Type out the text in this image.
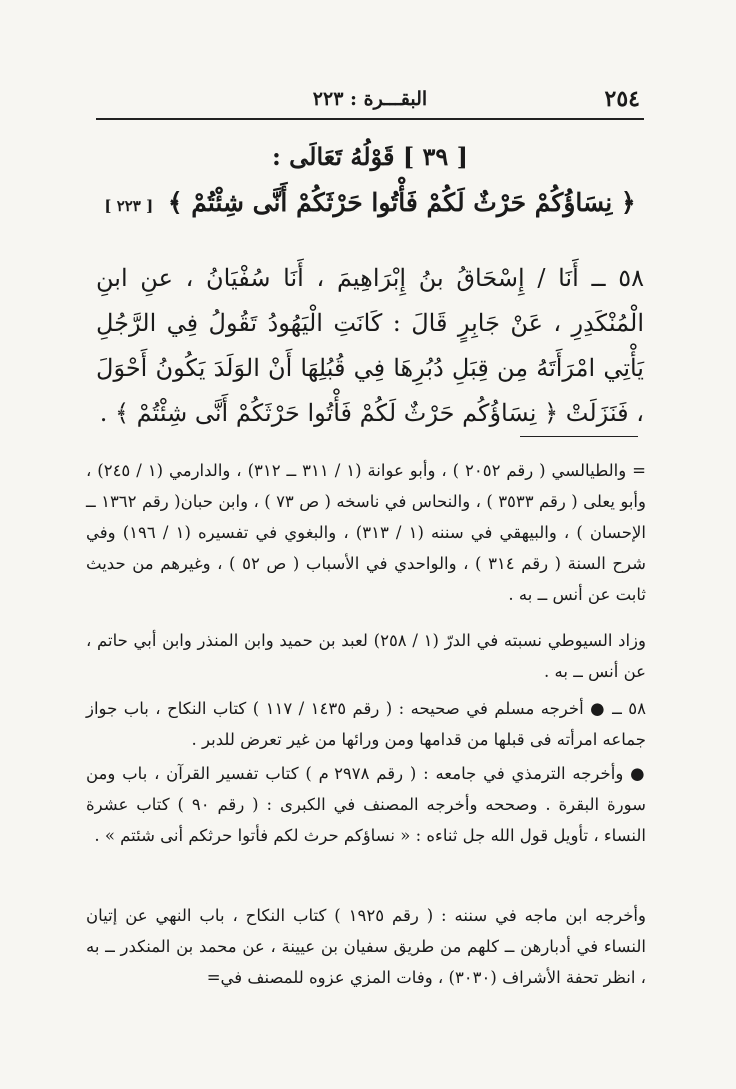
٢٥٤
البقـــرة : ٢٢٣
[ ٣٩ ] قَوْلُهُ تَعَالَى :
﴿ نِسَاؤُكُمْ حَرْثٌ لَكُمْ فَأْتُوا حَرْثَكُمْ أَنَّى شِئْتُمْ ﴾ [ ٢٢٣ ]
٥٨ ــ أَنَا / إِسْحَاقُ بنُ إِبْرَاهِيمَ ، أَنَا سُفْيَانُ ، عنِ ابنِ الْمُنْكَدِرِ ، عَنْ جَابِرٍ قَالَ : كَانَتِ الْيَهُودُ تَقُولُ فِي الرَّجُلِ يَأْتِي امْرَأَتَهُ مِن قِبَلِ دُبُرِهَا فِي قُبُلِهَا أَنْ الوَلَدَ يَكُونُ أَحْوَلَ ، فَنَزَلَتْ ﴿ نِسَاؤُكُم حَرْثٌ لَكُمْ فَأْتُوا حَرْثَكُمْ أَنَّى شِئْتُمْ ﴾ .
= والطيالسي ( رقم ٢٠٥٢ ) ، وأبو عوانة (١ / ٣١١ ــ ٣١٢) ، والدارمي (١ / ٢٤٥) ، وأبو يعلى ( رقم ٣٥٣٣ ) ، والنحاس في ناسخه ( ص ٧٣ ) ، وابن حبان( رقم ١٣٦٢ ــ الإحسان ) ، والبيهقي في سننه (١ / ٣١٣) ، والبغوي في تفسيره (١ / ١٩٦) وفي شرح السنة ( رقم ٣١٤ ) ، والواحدي في الأسباب ( ص ٥٢ ) ، وغيرهم من حديث ثابت عن أنس ــ به .
وزاد السيوطي نسبته في الدرّ (١ / ٢٥٨) لعبد بن حميد وابن المنذر وابن أبي حاتم ، عن أنس ــ به .
٥٨ ــ ● أخرجه مسلم في صحيحه : ( رقم ١٤٣٥ / ١١٧ ) كتاب النكاح ، باب جواز جماعه امرأته فى قبلها من قدامها ومن ورائها من غير تعرض للدبر .
● وأخرجه الترمذي في جامعه : ( رقم ٢٩٧٨ م ) كتاب تفسير القرآن ، باب ومن سورة البقرة . وصححه وأخرجه المصنف في الكبرى : ( رقم ٩٠ ) كتاب عشرة النساء ، تأويل قول الله جل ثناءه : « نساؤكم حرث لكم فأتوا حرثكم أنى شئتم » .
وأخرجه ابن ماجه في سننه : ( رقم ١٩٢٥ ) كتاب النكاح ، باب النهي عن إتيان النساء في أدبارهن ــ كلهم من طريق سفيان بن عيينة ، عن محمد بن المنكدر ــ به ، انظر تحفة الأشراف (٣٠٣٠) ، وفات المزي عزوه للمصنف في=
